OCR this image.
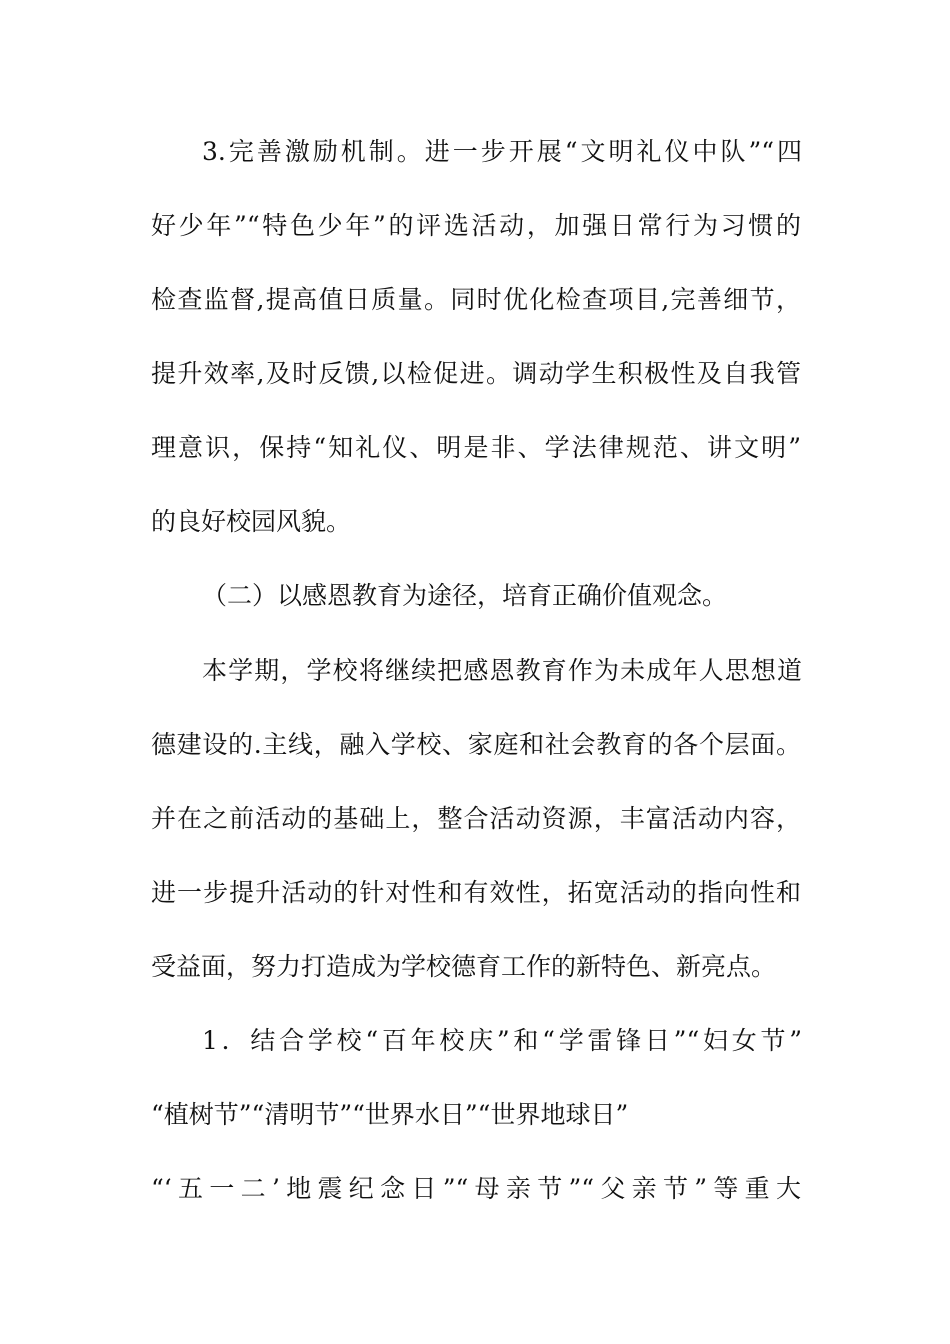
3.完善激励机制。进一步开展“文明礼仪中队”“四
好少年”“特色少年”的评选活动，加强日常行为习惯的
检查监督,提高值日质量。同时优化检查项目,完善细节，
提升效率,及时反馈,以检促进。调动学生积极性及自我管
理意识，保持“知礼仪、明是非、学法律规范、讲文明”
的良好校园风貌。
（二）以感恩教育为途径，培育正确价值观念。
本学期，学校将继续把感恩教育作为未成年人思想道
德建设的.主线，融入学校、家庭和社会教育的各个层面。
并在之前活动的基础上，整合活动资源，丰富活动内容，
进一步提升活动的针对性和有效性，拓宽活动的指向性和
受益面，努力打造成为学校德育工作的新特色、新亮点。
1．结合学校“百年校庆”和“学雷锋日”“妇女节”
“植树节”“清明节”“世界水日”“世界地球日”
“‘五一二’地震纪念日”“母亲节”“父亲节”等重大
